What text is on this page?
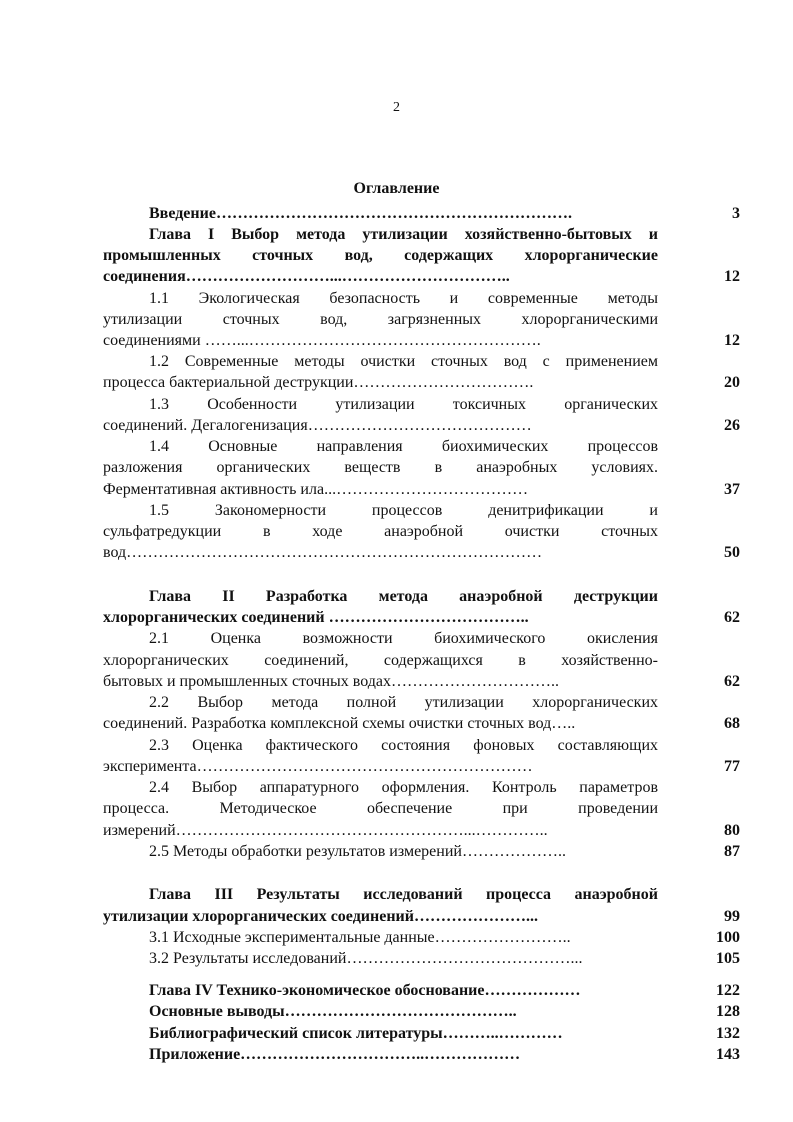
2
Оглавление
Введение………………………………………………………….	3
Глава I Выбор метода утилизации хозяйственно-бытовых и
промышленных сточных вод, содержащих хлорорганические
соединения………………………...…………………………..	12
1.1 Экологическая безопасность и современные методы
утилизации сточных вод, загрязненных хлорорганическими
соединениями ……...……………………………………………….	12
1.2 Современные методы очистки сточных вод с применением
процесса бактериальной деструкции…………………………….	20
1.3 Особенности утилизации токсичных органических
соединений. Дегалогенизация……………………………………	26
1.4 Основные направления биохимических процессов
разложения органических веществ в анаэробных условиях.
Ферментативная активность ила...………………………………	37
1.5 Закономерности процессов денитрификации и
сульфатредукции в ходе анаэробной очистки сточных
вод……………………………………………………………………	50
Глава II Разработка метода анаэробной деструкции
хлорорганических соединений ………………………………..	62
2.1 Оценка возможности биохимического окисления
хлорорганических соединений, содержащихся в хозяйственно-
бытовых и промышленных сточных водах…………………………..	62
2.2 Выбор метода полной утилизации хлорорганических
соединений. Разработка комплексной схемы очистки сточных вод…..	68
2.3 Оценка фактического состояния фоновых составляющих
эксперимента………………………………………………………	77
2.4 Выбор аппаратурного оформления. Контроль параметров
процесса. Методическое обеспечение при проведении
измерений………………………………………………...…………..	80
2.5 Методы обработки результатов измерений………………..	87
Глава III Результаты исследований процесса анаэробной
утилизации хлорорганических соединений…………………...	99
3.1 Исходные экспериментальные данные……………………..	100
3.2 Результаты исследований……………………………………...	105
Глава IV Технико-экономическое обоснование………………	122
Основные выводы……………………………………..	128
Библиографический список литературы………..…………	132
Приложение……………………………..………………	143
